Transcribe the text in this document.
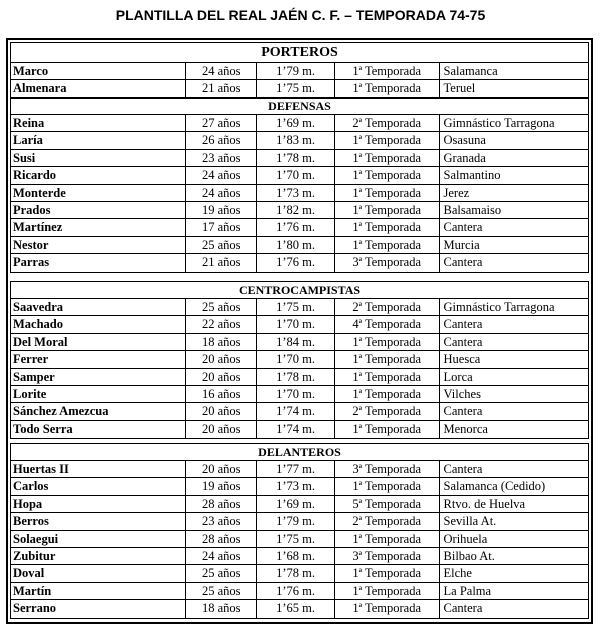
PLANTILLA DEL REAL JAÉN C. F. – TEMPORADA 74-75
PORTEROS
Marco	24 años	1’79 m.	1ª Temporada	Salamanca
Almenara	21 años	1’75 m.	1ª Temporada	Teruel
DEFENSAS
Reina	27 años	1’69 m.	2ª Temporada	Gimnástico Tarragona
Laría	26 años	1’83 m.	1ª Temporada	Osasuna
Susi	23 años	1’78 m.	1ª Temporada	Granada
Ricardo	24 años	1’70 m.	1ª Temporada	Salmantino
Monterde	24 años	1’73 m.	1ª Temporada	Jerez
Prados	19 años	1’82 m.	1ª Temporada	Balsamaiso
Martínez	17 años	1’76 m.	1ª Temporada	Cantera
Nestor	25 años	1’80 m.	1ª Temporada	Murcia
Parras	21 años	1’76 m.	3ª Temporada	Cantera
CENTROCAMPISTAS
Saavedra	25 años	1’75 m.	2ª Temporada	Gimnástico Tarragona
Machado	22 años	1’70 m.	4ª Temporada	Cantera
Del Moral	18 años	1’84 m.	1ª Temporada	Cantera
Ferrer	20 años	1’70 m.	1ª Temporada	Huesca
Samper	20 años	1’78 m.	1ª Temporada	Lorca
Lorite	16 años	1’70 m.	1ª Temporada	Vilches
Sánchez Amezcua	20 años	1’74 m.	2ª Temporada	Cantera
Todo Serra	20 años	1’74 m.	1ª Temporada	Menorca
DELANTEROS
Huertas II	20 años	1’77 m.	3ª Temporada	Cantera
Carlos	19 años	1’73 m.	1ª Temporada	Salamanca (Cedido)
Hopa	28 años	1’69 m.	5ª Temporada	Rtvo. de Huelva
Berros	23 años	1’79 m.	2ª Temporada	Sevilla At.
Solaegui	28 años	1’75 m.	1ª Temporada	Orihuela
Zubitur	24 años	1’68 m.	3ª Temporada	Bilbao At.
Doval	25 años	1’78 m.	1ª Temporada	Elche
Martín	25 años	1’76 m.	1ª Temporada	La Palma
Serrano	18 años	1’65 m.	1ª Temporada	Cantera
